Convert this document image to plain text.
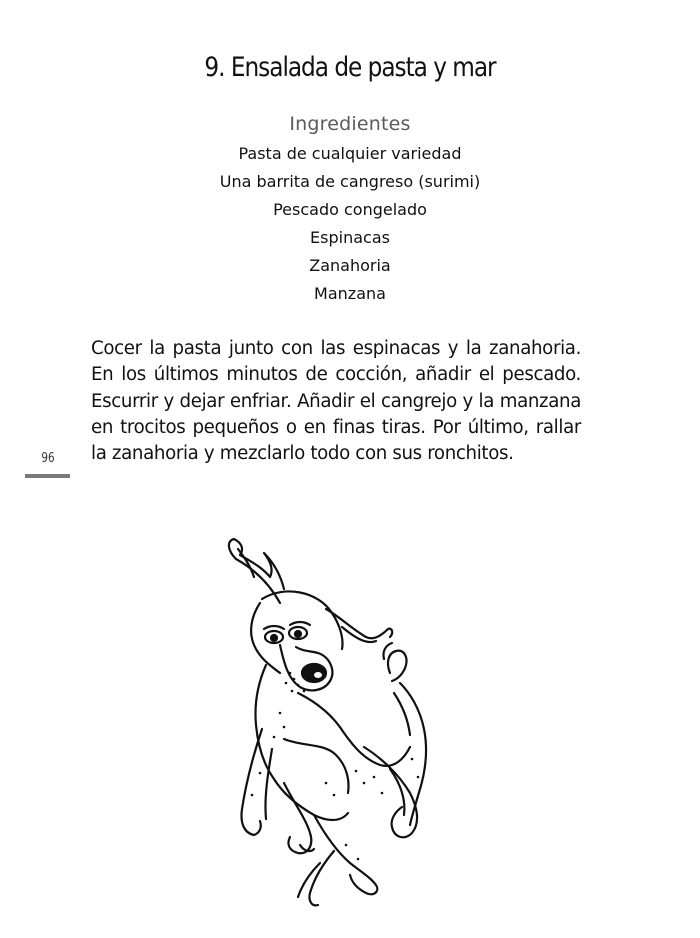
9. Ensalada de pasta y mar
Ingredientes
Pasta de cualquier variedad
Una barrita de cangreso (surimi)
Pescado congelado
Espinacas
Zanahoria
Manzana

Cocer la pasta junto con las espinacas y la zanahoria. En los últimos minutos de cocción, añadir el pescado. Escurrir y dejar enfriar. Añadir el cangrejo y la manzana en trocitos pequeños o en finas tiras. Por último, rallar la zanahoria y mezclarlo todo con sus ronchitos.

96
